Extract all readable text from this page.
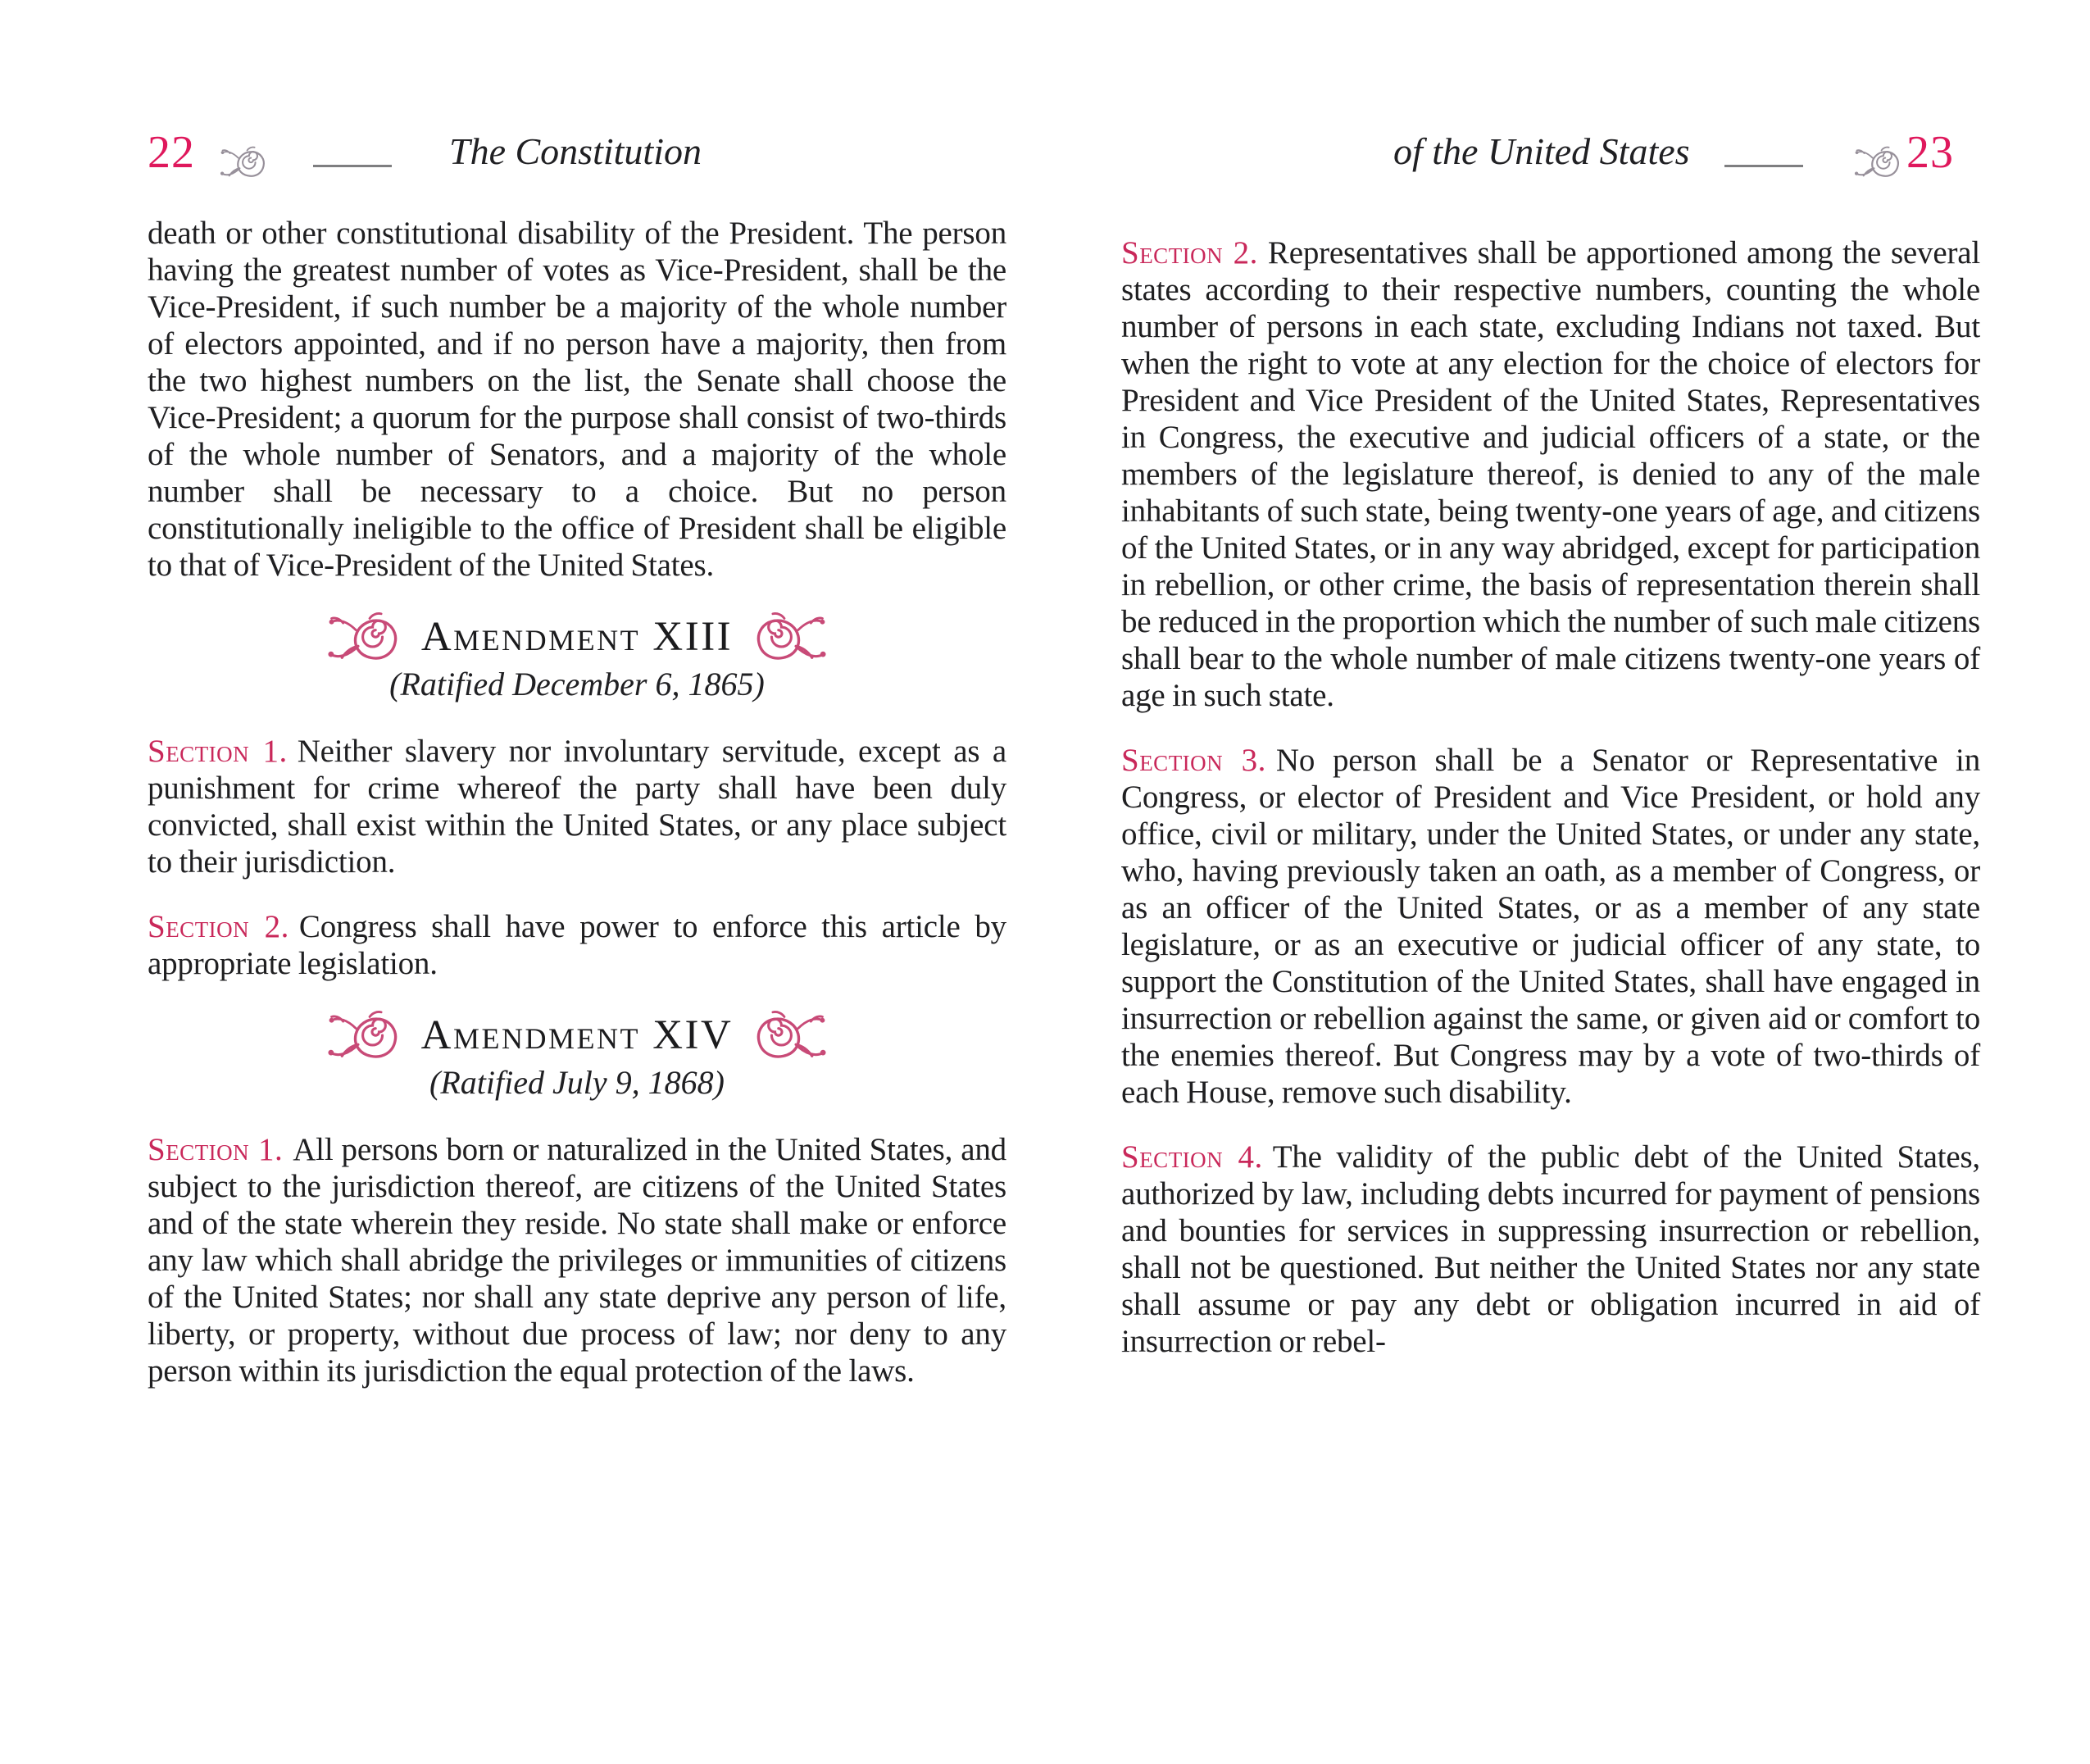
22	The Constitution	of the United States	23

death or other constitutional disability of the President. The person having the greatest number of votes as Vice-President, shall be the Vice-President, if such number be a majority of the whole number of electors appointed, and if no person have a majority, then from the two highest numbers on the list, the Senate shall choose the Vice-President; a quorum for the purpose shall consist of two-thirds of the whole number of Senators, and a majority of the whole number shall be necessary to a choice. But no person constitutionally ineligible to the office of President shall be eligible to that of Vice-President of the United States.

Amendment XIII
(Ratified December 6, 1865)

Section 1. Neither slavery nor involuntary servitude, except as a punishment for crime whereof the party shall have been duly convicted, shall exist within the United States, or any place subject to their jurisdiction.

Section 2. Congress shall have power to enforce this article by appropriate legislation.

Amendment XIV
(Ratified July 9, 1868)

Section 1. All persons born or naturalized in the United States, and subject to the jurisdiction thereof, are citizens of the United States and of the state wherein they reside. No state shall make or enforce any law which shall abridge the privileges or immunities of citizens of the United States; nor shall any state deprive any person of life, liberty, or property, without due process of law; nor deny to any person within its jurisdiction the equal protection of the laws.

Section 2. Representatives shall be apportioned among the several states according to their respective numbers, counting the whole number of persons in each state, excluding Indians not taxed. But when the right to vote at any election for the choice of electors for President and Vice President of the United States, Representatives in Congress, the executive and judicial officers of a state, or the members of the legislature thereof, is denied to any of the male inhabitants of such state, being twenty-one years of age, and citizens of the United States, or in any way abridged, except for participation in rebellion, or other crime, the basis of representation therein shall be reduced in the proportion which the number of such male citizens shall bear to the whole number of male citizens twenty-one years of age in such state.

Section 3. No person shall be a Senator or Representative in Congress, or elector of President and Vice President, or hold any office, civil or military, under the United States, or under any state, who, having previously taken an oath, as a member of Congress, or as an officer of the United States, or as a member of any state legislature, or as an executive or judicial officer of any state, to support the Constitution of the United States, shall have engaged in insurrection or rebellion against the same, or given aid or comfort to the enemies thereof. But Congress may by a vote of two-thirds of each House, remove such disability.

Section 4. The validity of the public debt of the United States, authorized by law, including debts incurred for payment of pensions and bounties for services in suppressing insurrection or rebellion, shall not be questioned. But neither the United States nor any state shall assume or pay any debt or obligation incurred in aid of insurrection or rebel-
